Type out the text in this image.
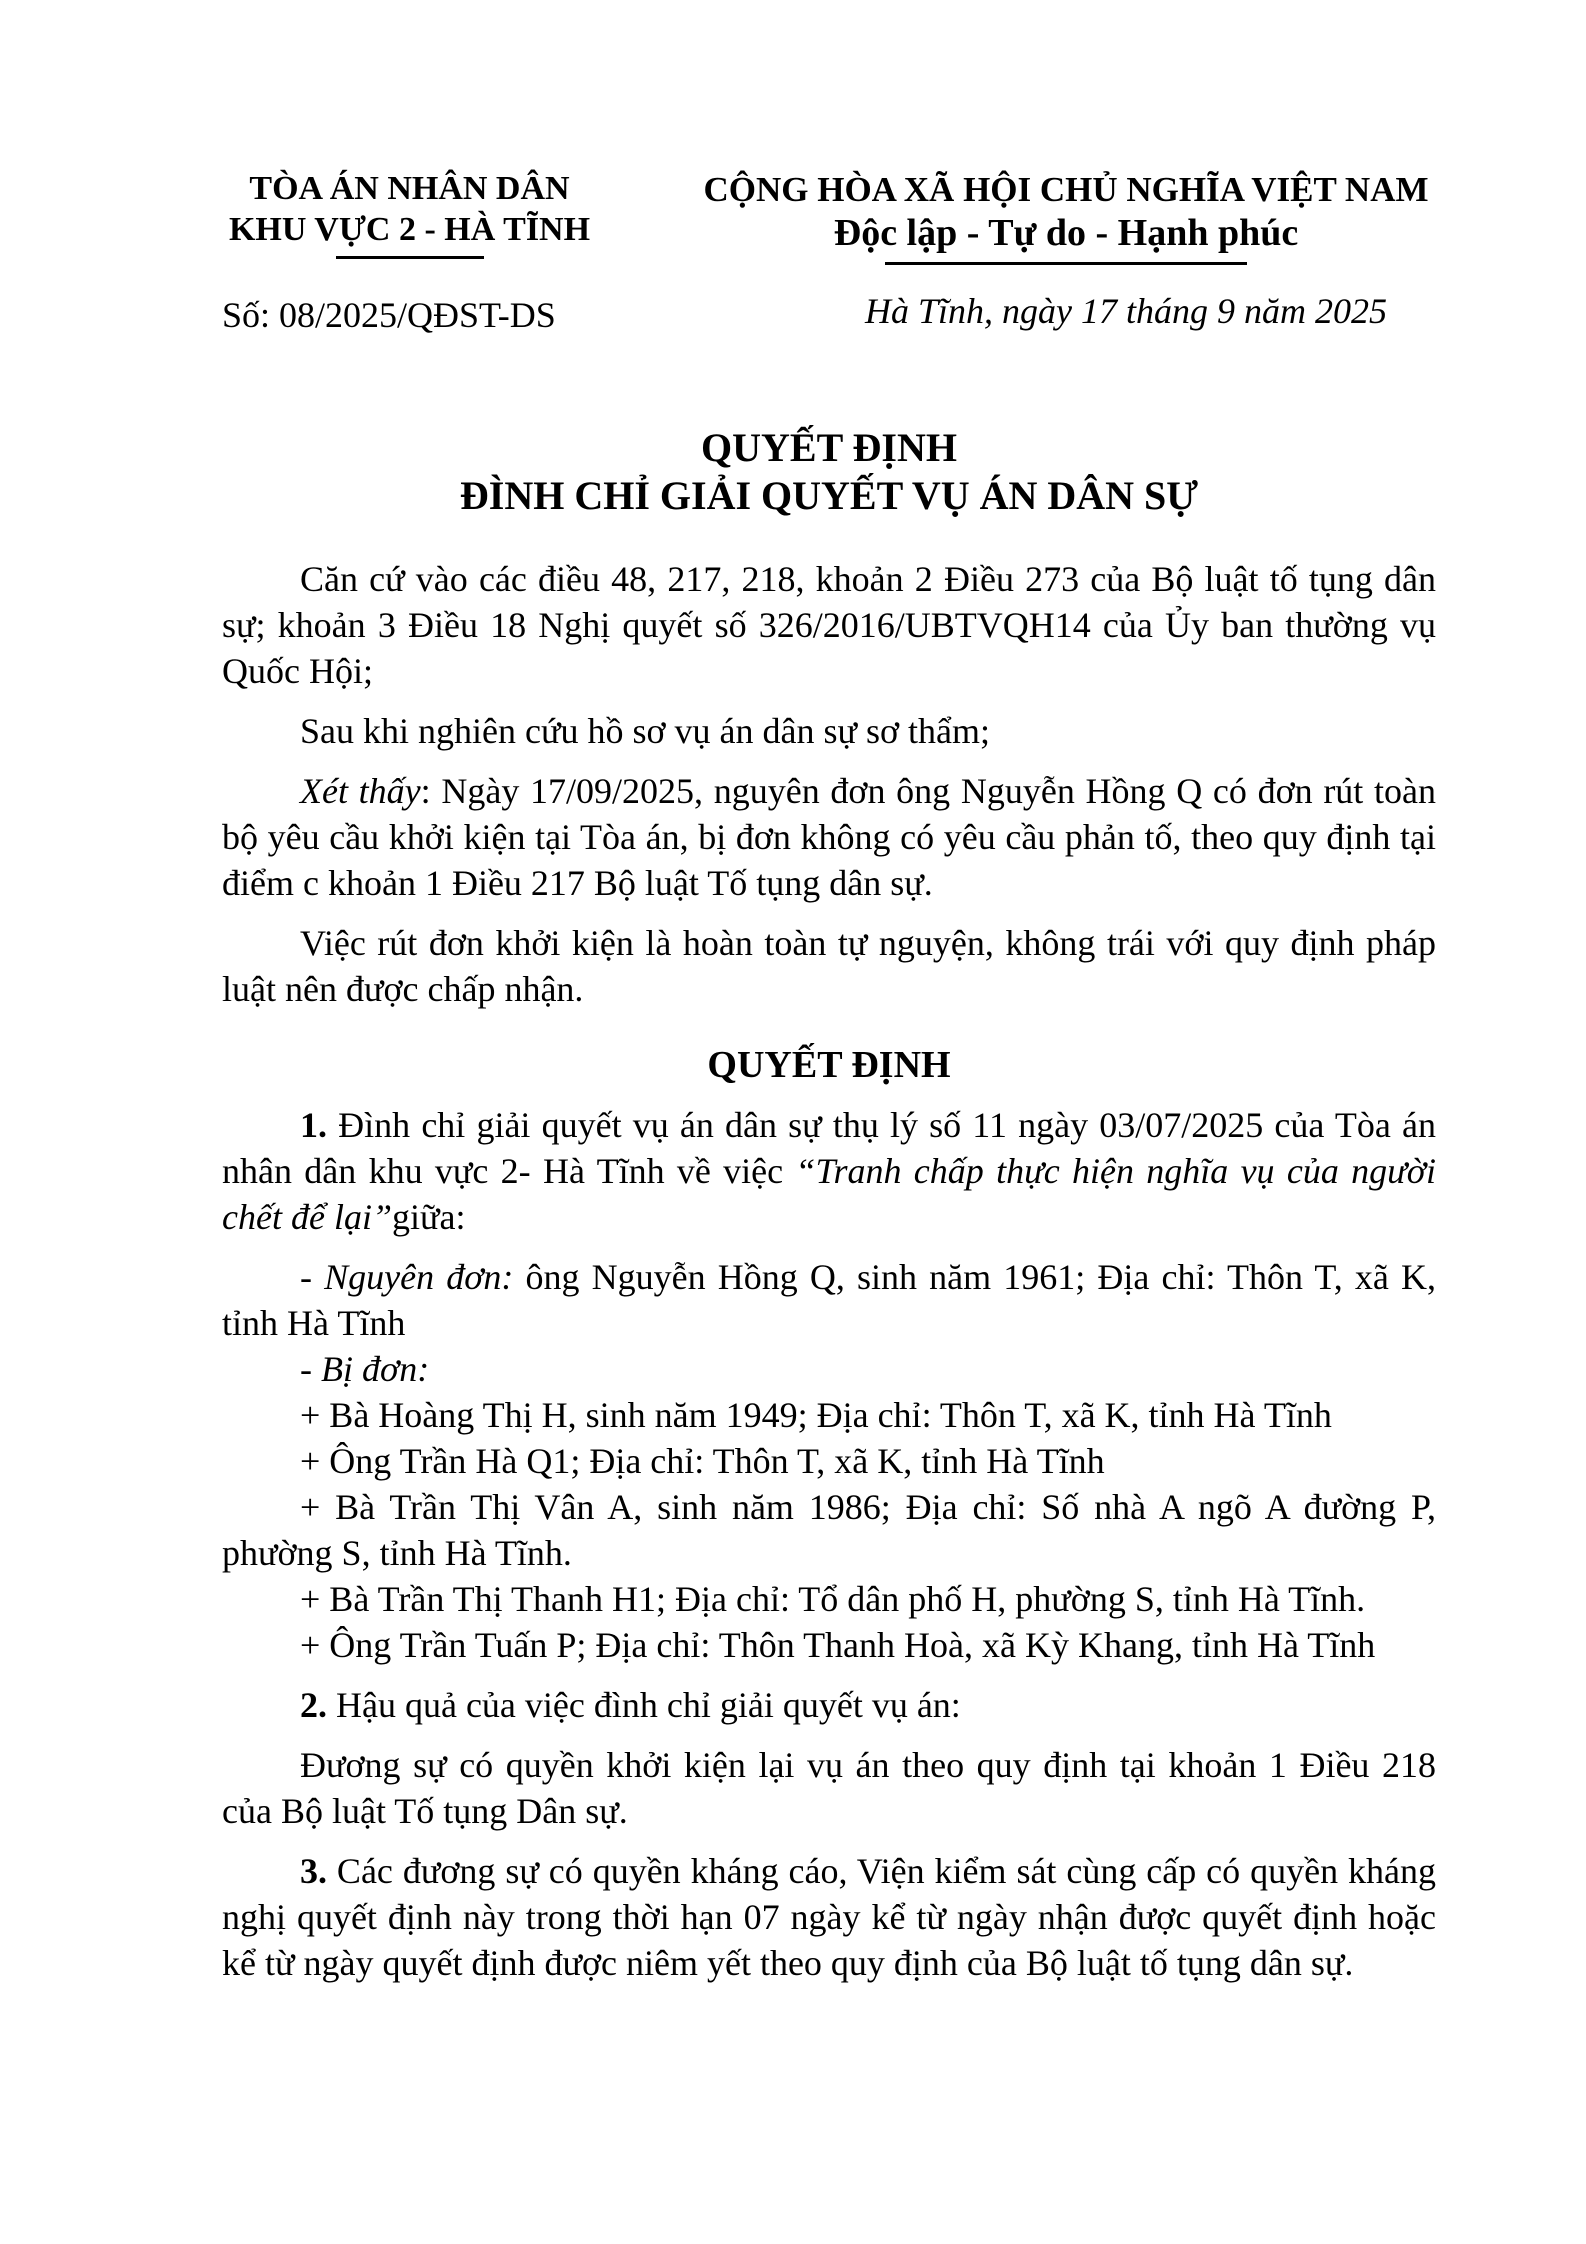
TÒA ÁN NHÂN DÂN
KHU VỰC 2 - HÀ TĨNH
Số: 08/2025/QĐST-DS
CỘNG HÒA XÃ HỘI CHỦ NGHĨA VIỆT NAM
Độc lập - Tự do - Hạnh phúc
Hà Tĩnh, ngày 17 tháng 9 năm 2025
QUYẾT ĐỊNH
ĐÌNH CHỈ GIẢI QUYẾT VỤ ÁN DÂN SỰ

Căn cứ vào các điều 48, 217, 218, khoản 2 Điều 273 của Bộ luật tố tụng dân sự; khoản 3 Điều 18 Nghị quyết số 326/2016/UBTVQH14 của Ủy ban thường vụ Quốc Hội;

Sau khi nghiên cứu hồ sơ vụ án dân sự sơ thẩm;

Xét thấy: Ngày 17/09/2025, nguyên đơn ông Nguyễn Hồng Q có đơn rút toàn bộ yêu cầu khởi kiện tại Tòa án, bị đơn không có yêu cầu phản tố, theo quy định tại điểm c khoản 1 Điều 217 Bộ luật Tố tụng dân sự.

Việc rút đơn khởi kiện là hoàn toàn tự nguyện, không trái với quy định pháp luật nên được chấp nhận.

QUYẾT ĐỊNH

1. Đình chỉ giải quyết vụ án dân sự thụ lý số 11 ngày 03/07/2025 của Tòa án nhân dân khu vực 2- Hà Tĩnh về việc “Tranh chấp thực hiện nghĩa vụ của người chết để lại”giữa:

- Nguyên đơn: ông Nguyễn Hồng Q, sinh năm 1961; Địa chỉ: Thôn T, xã K, tỉnh Hà Tĩnh

- Bị đơn:

+ Bà Hoàng Thị H, sinh năm 1949; Địa chỉ: Thôn T, xã K, tỉnh Hà Tĩnh

+ Ông Trần Hà Q1; Địa chỉ: Thôn T, xã K, tỉnh Hà Tĩnh

+ Bà Trần Thị Vân A, sinh năm 1986; Địa chỉ: Số nhà A ngõ A đường P, phường S, tỉnh Hà Tĩnh.

+ Bà Trần Thị Thanh H1; Địa chỉ: Tổ dân phố H, phường S, tỉnh Hà Tĩnh.

+ Ông Trần Tuấn P; Địa chỉ: Thôn Thanh Hoà, xã Kỳ Khang, tỉnh Hà Tĩnh

2. Hậu quả của việc đình chỉ giải quyết vụ án:

Đương sự có quyền khởi kiện lại vụ án theo quy định tại khoản 1 Điều 218 của Bộ luật Tố tụng Dân sự.

3. Các đương sự có quyền kháng cáo, Viện kiểm sát cùng cấp có quyền kháng nghị quyết định này trong thời hạn 07 ngày kể từ ngày nhận được quyết định hoặc kể từ ngày quyết định được niêm yết theo quy định của Bộ luật tố tụng dân sự.
